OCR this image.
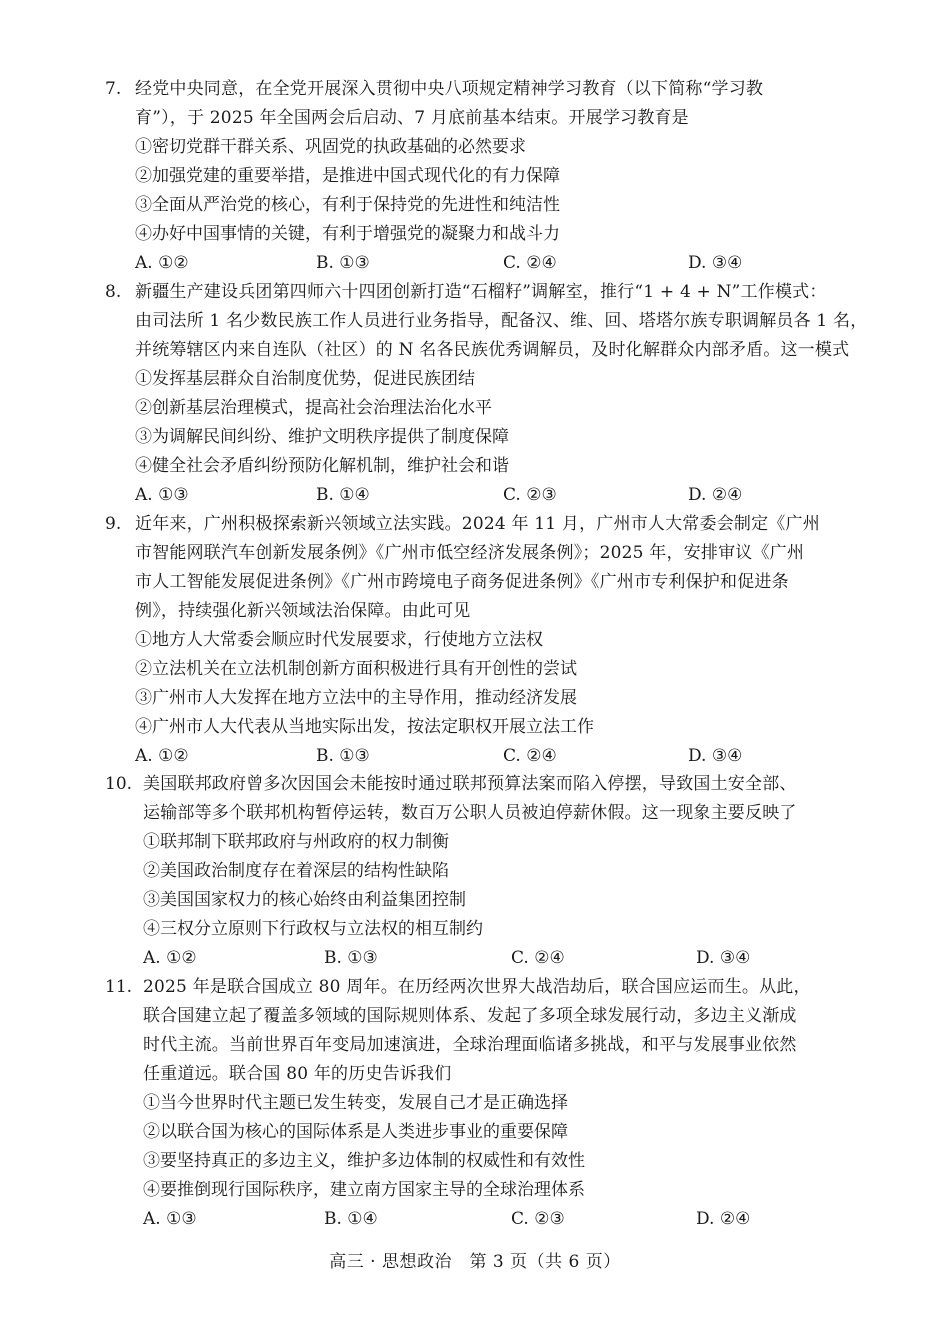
7. 经党中央同意，在全党开展深入贯彻中央八项规定精神学习教育（以下简称“学习教
育”），于 2025 年全国两会后启动、7 月底前基本结束。开展学习教育是
①密切党群干群关系、巩固党的执政基础的必然要求
②加强党建的重要举措，是推进中国式现代化的有力保障
③全面从严治党的核心，有利于保持党的先进性和纯洁性
④办好中国事情的关键，有利于增强党的凝聚力和战斗力
A. ①②	B. ①③	C. ②④	D. ③④
8. 新疆生产建设兵团第四师六十四团创新打造“石榴籽”调解室，推行“1 + 4 + N”工作模式：
由司法所 1 名少数民族工作人员进行业务指导，配备汉、维、回、塔塔尔族专职调解员各 1 名，
并统筹辖区内来自连队（社区）的 N 名各民族优秀调解员，及时化解群众内部矛盾。这一模式
①发挥基层群众自治制度优势，促进民族团结
②创新基层治理模式，提高社会治理法治化水平
③为调解民间纠纷、维护文明秩序提供了制度保障
④健全社会矛盾纠纷预防化解机制，维护社会和谐
A. ①③	B. ①④	C. ②③	D. ②④
9. 近年来，广州积极探索新兴领域立法实践。2024 年 11 月，广州市人大常委会制定《广州
市智能网联汽车创新发展条例》《广州市低空经济发展条例》；2025 年，安排审议《广州
市人工智能发展促进条例》《广州市跨境电子商务促进条例》《广州市专利保护和促进条
例》，持续强化新兴领域法治保障。由此可见
①地方人大常委会顺应时代发展要求，行使地方立法权
②立法机关在立法机制创新方面积极进行具有开创性的尝试
③广州市人大发挥在地方立法中的主导作用，推动经济发展
④广州市人大代表从当地实际出发，按法定职权开展立法工作
A. ①②	B. ①③	C. ②④	D. ③④
10. 美国联邦政府曾多次因国会未能按时通过联邦预算法案而陷入停摆，导致国土安全部、
运输部等多个联邦机构暂停运转，数百万公职人员被迫停薪休假。这一现象主要反映了
①联邦制下联邦政府与州政府的权力制衡
②美国政治制度存在着深层的结构性缺陷
③美国国家权力的核心始终由利益集团控制
④三权分立原则下行政权与立法权的相互制约
A. ①②	B. ①③	C. ②④	D. ③④
11. 2025 年是联合国成立 80 周年。在历经两次世界大战浩劫后，联合国应运而生。从此，
联合国建立起了覆盖多领域的国际规则体系、发起了多项全球发展行动，多边主义渐成
时代主流。当前世界百年变局加速演进，全球治理面临诸多挑战，和平与发展事业依然
任重道远。联合国 80 年的历史告诉我们
①当今世界时代主题已发生转变，发展自己才是正确选择
②以联合国为核心的国际体系是人类进步事业的重要保障
③要坚持真正的多边主义，维护多边体制的权威性和有效性
④要推倒现行国际秩序，建立南方国家主导的全球治理体系
A. ①③	B. ①④	C. ②③	D. ②④
高三 · 思想政治　第 3 页（共 6 页）
